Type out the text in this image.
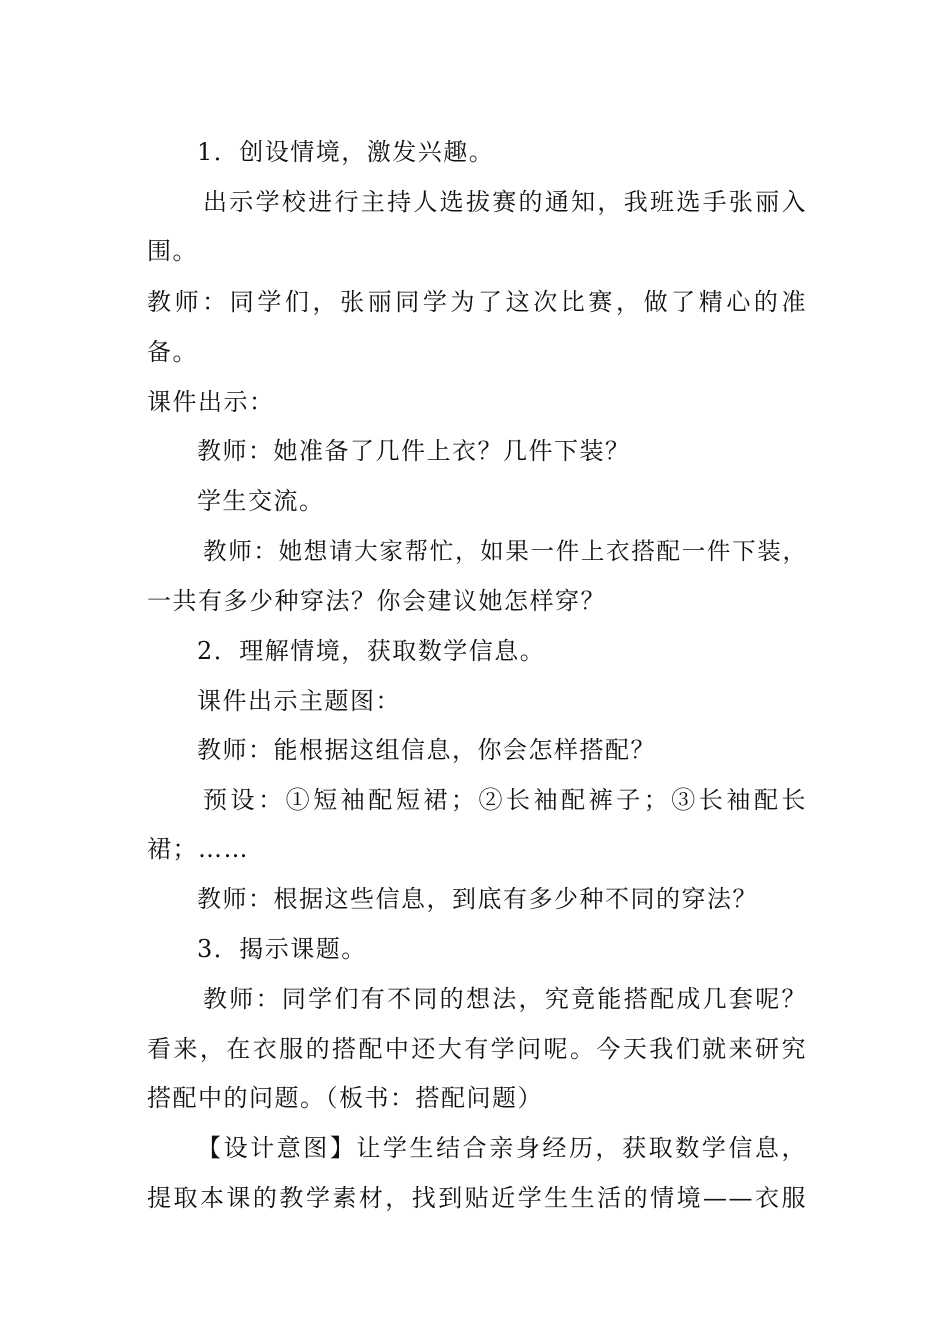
1．创设情境，激发兴趣。
出示学校进行主持人选拔赛的通知，我班选手张丽入
围。
教师：同学们，张丽同学为了这次比赛，做了精心的准
备。
课件出示：
教师：她准备了几件上衣？几件下装？
学生交流。
教师：她想请大家帮忙，如果一件上衣搭配一件下装，
一共有多少种穿法？你会建议她怎样穿？
2．理解情境，获取数学信息。
课件出示主题图：
教师：能根据这组信息，你会怎样搭配？
预设：①短袖配短裙；②长袖配裤子；③长袖配长
裙；……
教师：根据这些信息，到底有多少种不同的穿法？
3．揭示课题。
教师：同学们有不同的想法，究竟能搭配成几套呢？
看来，在衣服的搭配中还大有学问呢。今天我们就来研究
搭配中的问题。（板书：搭配问题）
【设计意图】让学生结合亲身经历，获取数学信息，
提取本课的教学素材，找到贴近学生生活的情境——衣服
